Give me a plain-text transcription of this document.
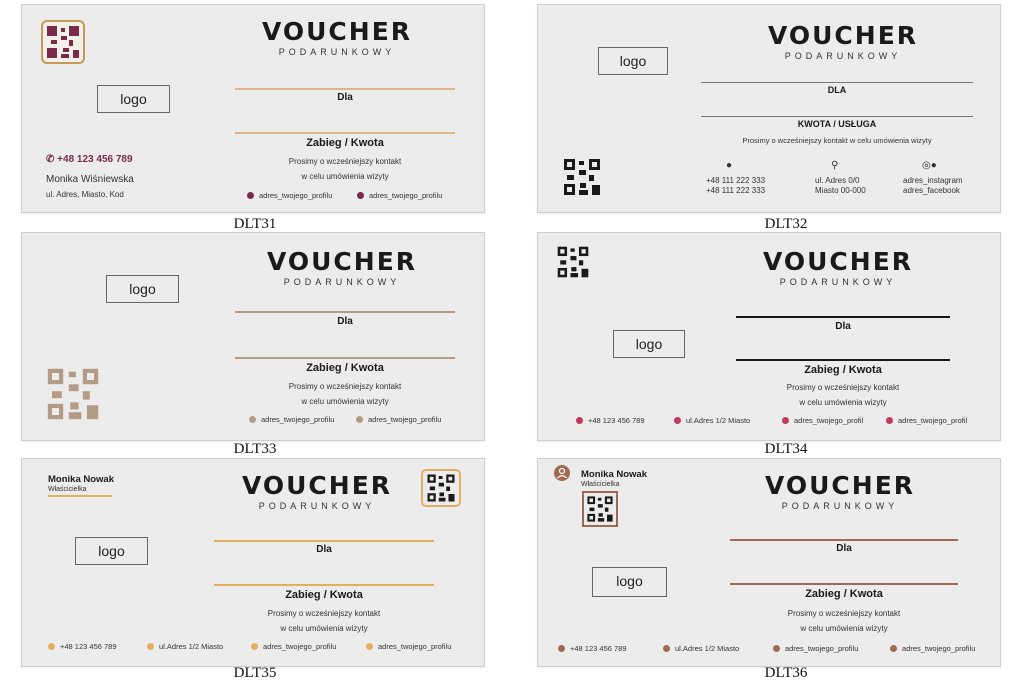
logo
VOUCHER
PODARUNKOWY
Dla
Zabieg / Kwota
Prosimy o wcześniejszy kontakt
w celu umówienia wizyty
✆ +48 123 456 789
Monika Wiśniewska
ul. Adres, Miasto, Kod	adres_twojego_profilu	adres_twojego_profilu
DLT31
logo
VOUCHER
PODARUNKOWY
DLA
KWOTA / USŁUGA
Prosimy o wcześniejszy kontakt w celu umówienia wizyty
●
+48 111 222 333
+48 111 222 333
⚲
ul. Adres 0/0
Miasto 00-000
◎●
adres_instagram
adres_facebook
DLT32
logo
VOUCHER
PODARUNKOWY
Dla
Zabieg / Kwota
Prosimy o wcześniejszy kontakt
w celu umówienia wizyty
adres_twojego_profilu	adres_twojego_profilu
DLT33
logo
VOUCHER
PODARUNKOWY
Dla
Zabieg / Kwota
Prosimy o wcześniejszy kontakt
w celu umówienia wizyty
+48 123 456 789	ul.Adres 1/2 Miasto	adres_twojego_profil	adres_twojego_profil
DLT34
Monika Nowak
Właścicielka	VOUCHER
PODARUNKOWY
logo	Dla
Zabieg / Kwota
Prosimy o wcześniejszy kontakt
w celu umówienia wizyty
+48 123 456 789	ul.Adres 1/2 Miasto	adres_twojego_profilu	adres_twojego_profilu
DLT35
Monika Nowak
Właścicielka	VOUCHER
PODARUNKOWY
logo
Dla
Zabieg / Kwota
Prosimy o wcześniejszy kontakt
w celu umówienia wizyty
+48 123 456 789	ul.Adres 1/2 Miasto	adres_twojego_profilu	adres_twojego_profilu
DLT36
